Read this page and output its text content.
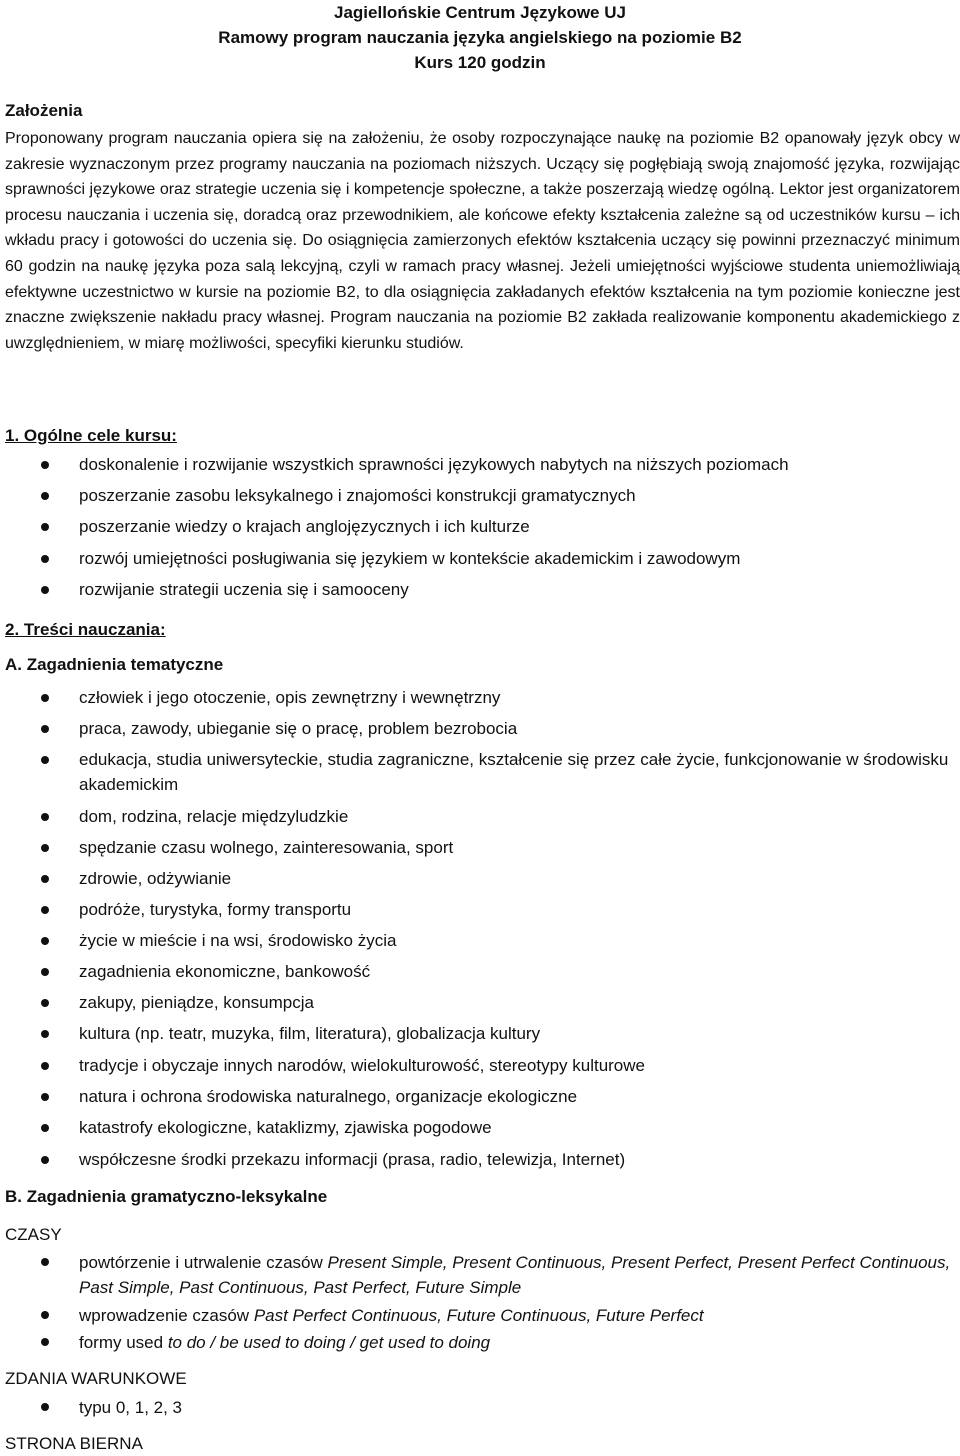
Jagiellońskie Centrum Językowe UJ
Ramowy program nauczania języka angielskiego na poziomie B2
Kurs 120 godzin
Założenia
Proponowany program nauczania opiera się na założeniu, że osoby rozpoczynające naukę na poziomie B2 opanowały język obcy w zakresie wyznaczonym przez programy nauczania na poziomach niższych. Uczący się pogłębiają swoją znajomość języka, rozwijając sprawności językowe oraz strategie uczenia się i kompetencje społeczne, a także poszerzają wiedzę ogólną. Lektor jest organizatorem procesu nauczania i uczenia się, doradcą oraz przewodnikiem, ale końcowe efekty kształcenia zależne są od uczestników kursu – ich wkładu pracy i gotowości do uczenia się. Do osiągnięcia zamierzonych efektów kształcenia uczący się powinni przeznaczyć minimum 60 godzin na naukę języka poza salą lekcyjną, czyli w ramach pracy własnej. Jeżeli umiejętności wyjściowe studenta uniemożliwiają efektywne uczestnictwo w kursie na poziomie B2, to dla osiągnięcia zakładanych efektów kształcenia na tym poziomie konieczne jest znaczne zwiększenie nakładu pracy własnej. Program nauczania na poziomie B2 zakłada realizowanie komponentu akademickiego z uwzględnieniem, w miarę możliwości, specyfiki kierunku studiów.
1. Ogólne cele kursu:
doskonalenie i rozwijanie wszystkich sprawności językowych nabytych na niższych poziomach
poszerzanie zasobu leksykalnego i znajomości konstrukcji gramatycznych
poszerzanie wiedzy o krajach anglojęzycznych i ich kulturze
rozwój umiejętności posługiwania się językiem w kontekście akademickim i zawodowym
rozwijanie strategii uczenia się i samooceny
2. Treści nauczania:
A. Zagadnienia tematyczne
człowiek i jego otoczenie, opis zewnętrzny i wewnętrzny
praca, zawody, ubieganie się o pracę, problem bezrobocia
edukacja, studia uniwersyteckie, studia zagraniczne, kształcenie się przez całe życie, funkcjonowanie w środowisku akademickim
dom, rodzina, relacje międzyludzkie
spędzanie czasu wolnego, zainteresowania, sport
zdrowie, odżywianie
podróże, turystyka, formy transportu
życie w mieście i na wsi, środowisko życia
zagadnienia ekonomiczne, bankowość
zakupy, pieniądze, konsumpcja
kultura (np. teatr, muzyka, film, literatura), globalizacja kultury
tradycje i obyczaje innych narodów, wielokulturowość, stereotypy kulturowe
natura i ochrona środowiska naturalnego, organizacje ekologiczne
katastrofy ekologiczne, kataklizmy, zjawiska pogodowe
współczesne środki przekazu informacji (prasa, radio, telewizja, Internet)
B. Zagadnienia gramatyczno-leksykalne
CZASY
powtórzenie i utrwalenie czasów Present Simple, Present Continuous, Present Perfect, Present Perfect Continuous, Past Simple, Past Continuous, Past Perfect, Future Simple
wprowadzenie czasów Past Perfect Continuous, Future Continuous, Future Perfect
formy used to do / be used to doing / get used to doing
ZDANIA WARUNKOWE
typu 0, 1, 2, 3
STRONA BIERNA
